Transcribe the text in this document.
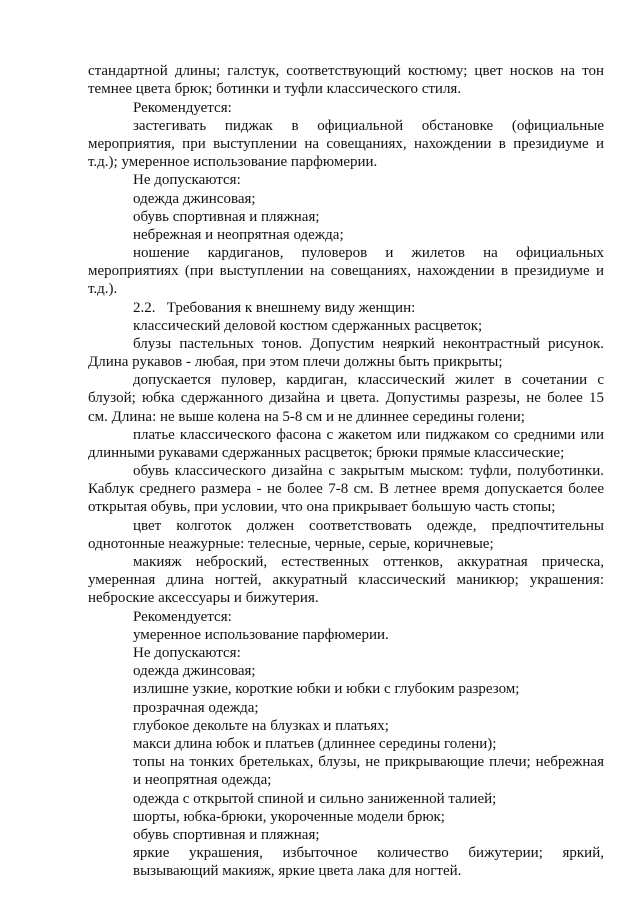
стандартной длины; галстук, соответствующий костюму; цвет носков на тон
темнее цвета брюк; ботинки и туфли классического стиля.
Рекомендуется:
застегивать пиджак в официальной обстановке (официальные
мероприятия, при выступлении на совещаниях, нахождении в президиуме и
т.д.); умеренное использование парфюмерии.
Не допускаются:
одежда джинсовая;
обувь спортивная и пляжная;
небрежная и неопрятная одежда;
ношение кардиганов, пуловеров и жилетов на официальных
мероприятиях (при выступлении на совещаниях, нахождении в президиуме и
т.д.).
2.2.   Требования к внешнему виду женщин:
классический деловой костюм сдержанных расцветок;
блузы пастельных тонов. Допустим неяркий неконтрастный рисунок.
Длина рукавов - любая, при этом плечи должны быть прикрыты;
допускается пуловер, кардиган, классический жилет в сочетании с
блузой; юбка сдержанного дизайна и цвета. Допустимы разрезы, не более 15
см. Длина: не выше колена на 5-8 см и не длиннее середины голени;
платье классического фасона с жакетом или пиджаком со средними или
длинными рукавами сдержанных расцветок; брюки прямые классические;
обувь классического дизайна с закрытым мыском: туфли, полуботинки.
Каблук среднего размера - не более 7-8 см. В летнее время допускается более
открытая обувь, при условии, что она прикрывает большую часть стопы;
цвет колготок должен соответствовать одежде, предпочтительны
однотонные неажурные: телесные, черные, серые, коричневые;
макияж неброский, естественных оттенков, аккуратная прическа,
умеренная длина ногтей, аккуратный классический маникюр; украшения:
неброские аксессуары и бижутерия.
Рекомендуется:
умеренное использование парфюмерии.
Не допускаются:
одежда джинсовая;
излишне узкие, короткие юбки и юбки с глубоким разрезом;
прозрачная одежда;
глубокое декольте на блузках и платьях;
макси длина юбок и платьев (длиннее середины голени);
топы на тонких бретельках, блузы, не прикрывающие плечи; небрежная
и неопрятная одежда;
одежда с открытой спиной и сильно заниженной талией;
шорты, юбка-брюки, укороченные модели брюк;
обувь спортивная и пляжная;
яркие украшения, избыточное количество бижутерии; яркий,
вызывающий макияж, яркие цвета лака для ногтей.
